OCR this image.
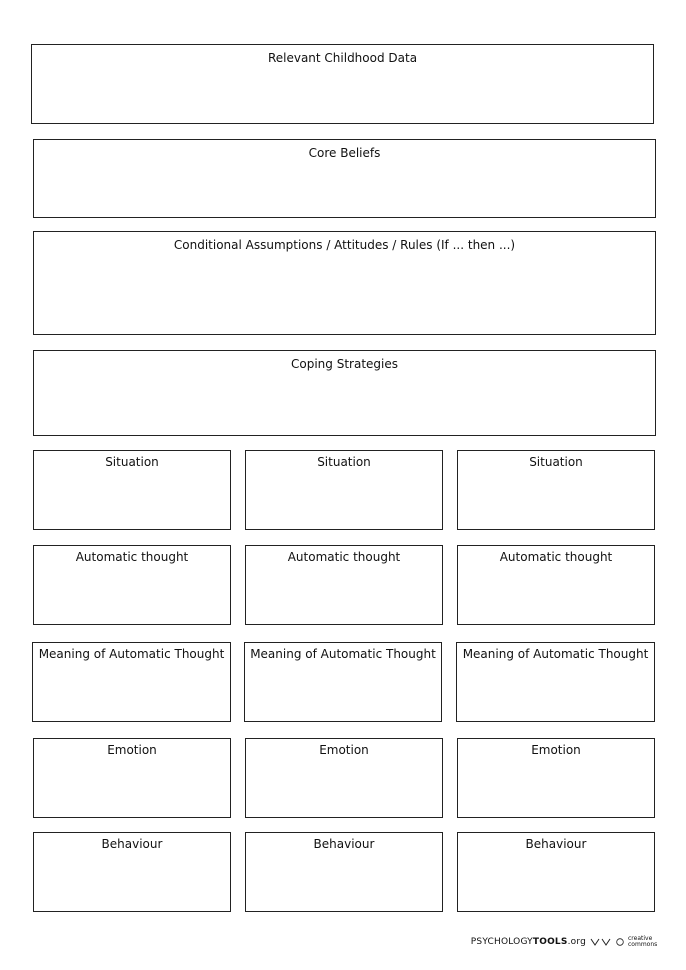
Relevant Childhood Data
Core Beliefs
Conditional Assumptions / Attitudes / Rules (If ... then ...)
Coping Strategies
Situation
Automatic thought
Meaning of Automatic Thought
Emotion
Behaviour
Situation
Automatic thought
Meaning of Automatic Thought
Emotion
Behaviour
Situation
Automatic thought
Meaning of Automatic Thought
Emotion
Behaviour
PSYCHOLOGYTOOLS.org	creative commons
